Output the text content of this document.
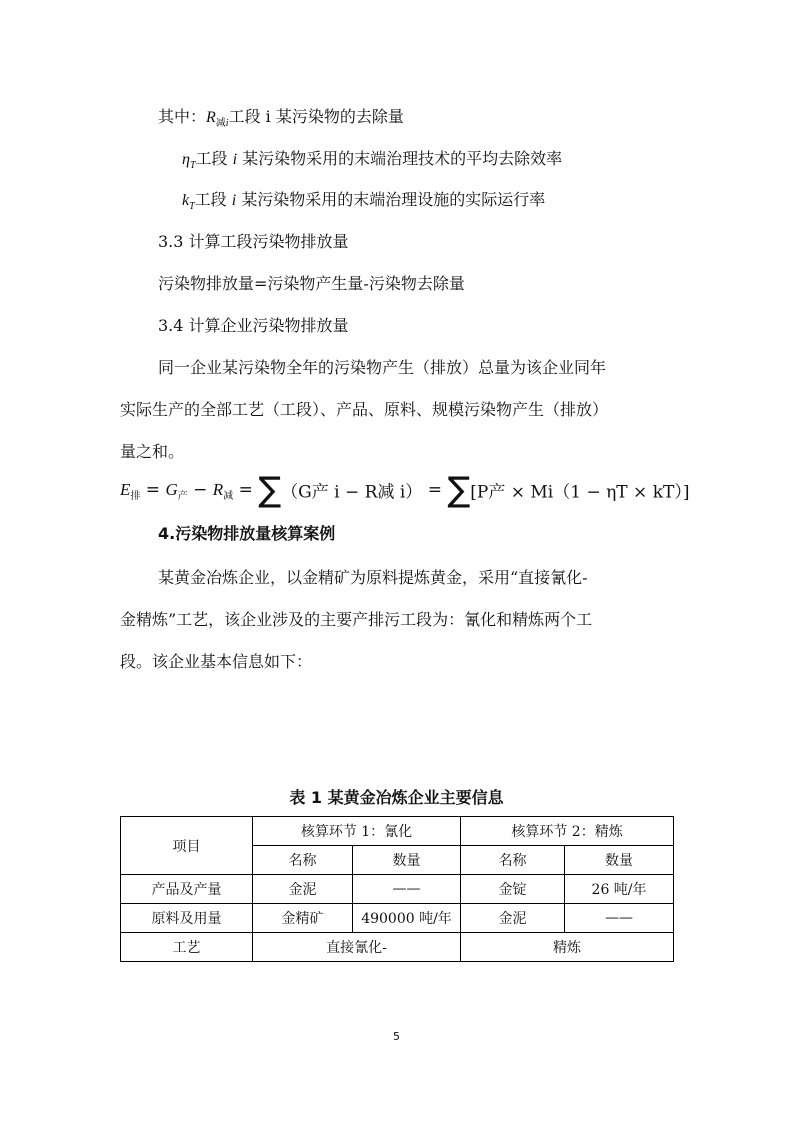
其中：$R_{减i}$工段 i 某污染物的去除量
$\eta_T$工段 i 某污染物采用的末端治理技术的平均去除效率
$k_T$工段 i 某污染物采用的末端治理设施的实际运行率
3.3 计算工段污染物排放量
污染物排放量=污染物产生量-污染物去除量
3.4 计算企业污染物排放量
同一企业某污染物全年的污染物产生（排放）总量为该企业同年
实际生产的全部工艺（工段）、产品、原料、规模污染物产生（排放）
量之和。
$E_排 = G_产 - R_减 = \sum(G$产 i − R减 i） = ∑[P产 × Mi（1 − ηT × kT）]
4.污染物排放量核算案例
某黄金冶炼企业，以金精矿为原料提炼黄金，采用“直接氰化-
金精炼”工艺，该企业涉及的主要产排污工段为：氰化和精炼两个工
段。该企业基本信息如下：
表 1 某黄金冶炼企业主要信息
项目	核算环节 1：氰化		核算环节 2：精炼	
	名称	数量	名称	数量
产品及产量	金泥	——	金锭	26 吨/年
原料及用量	金精矿	490000 吨/年	金泥	——
工艺	直接氰化-		精炼	
5
